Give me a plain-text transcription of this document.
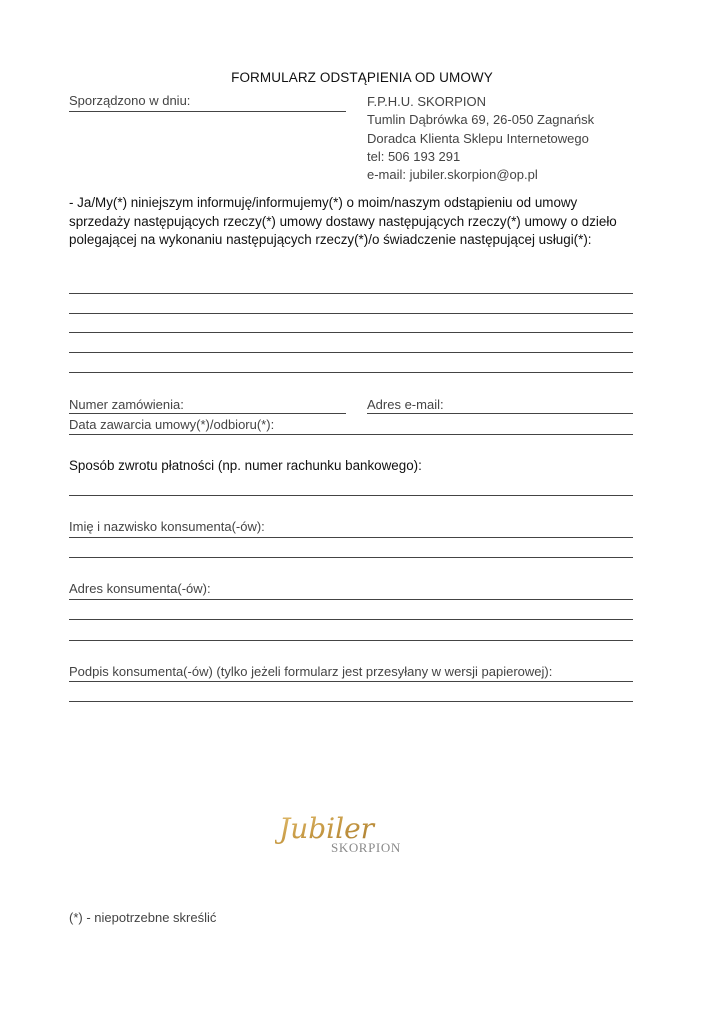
FORMULARZ ODSTĄPIENIA OD UMOWY
Sporządzono w dniu:	F.P.H.U. SKORPION
Tumlin Dąbrówka 69, 26-050 Zagnańsk
Doradca Klienta Sklepu Internetowego
tel: 506 193 291
e-mail: jubiler.skorpion@op.pl
- Ja/My(*) niniejszym informuję/informujemy(*) o moim/naszym odstąpieniu od umowy
sprzedaży następujących rzeczy(*) umowy dostawy następujących rzeczy(*) umowy o dzieło
polegającej na wykonaniu następujących rzeczy(*)/o świadczenie następującej usługi(*):
Numer zamówienia:	Adres e-mail:
Data zawarcia umowy(*)/odbioru(*):
Sposób zwrotu płatności (np. numer rachunku bankowego):
Imię i nazwisko konsumenta(-ów):
Adres konsumenta(-ów):
Podpis konsumenta(-ów) (tylko jeżeli formularz jest przesyłany w wersji papierowej):
Jubiler
SKORPION
(*) - niepotrzebne skreślić
